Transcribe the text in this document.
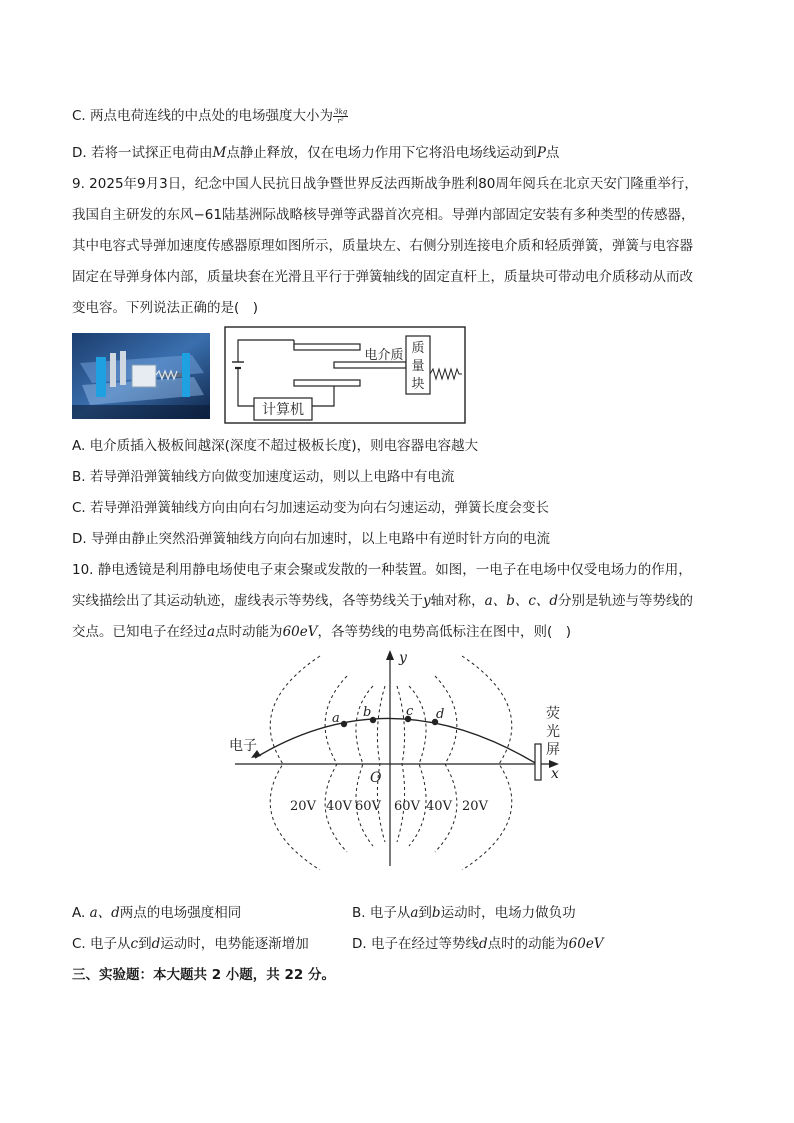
C. 两点电荷连线的中点处的电场强度大小为 $\frac{3kq}{\text{r²}}$
D. 若将一试探正电荷由M点静止释放，仅在电场力作用下它将沿电场线运动到P点
9. 2025年9月3日，纪念中国人民抗日战争暨世界反法西斯战争胜利80周年阅兵在北京天安门隆重举行，
我国自主研发的东风−61陆基洲际战略核导弹等武器首次亮相。导弹内部固定安装有多种类型的传感器，
其中电容式导弹加速度传感器原理如图所示，质量块左、右侧分别连接电介质和轻质弹簧，弹簧与电容器
固定在导弹身体内部，质量块套在光滑且平行于弹簧轴线的固定直杆上，质量块可带动电介质移动从而改
变电容。下列说法正确的是(　)
计算机
电介质 质
量
块
A. 电介质插入极板间越深(深度不超过极板长度)，则电容器电容越大
B. 若导弹沿弹簧轴线方向做变加速度运动，则以上电路中有电流
C. 若导弹沿弹簧轴线方向由向右匀加速运动变为向右匀速运动，弹簧长度会变长
D. 导弹由静止突然沿弹簧轴线方向向右加速时，以上电路中有逆时针方向的电流
10. 静电透镜是利用静电场使电子束会聚或发散的一种装置。如图，一电子在电场中仅受电场力的作用，
实线描绘出了其运动轨迹，虚线表示等势线，各等势线关于y轴对称，a、b、c、d分别是轨迹与等势线的
交点。已知电子在经过a点时动能为60eV，各等势线的电势高低标注在图中，则(　)
y
x
O
电子
a b	c d	荧
光
屏
20V 40V 60V 60V 40V 20V
A. a、d两点的电场强度相同	B. 电子从a到b运动时，电场力做负功
C. 电子从c到d运动时，电势能逐渐增加	D. 电子在经过等势线d点时的动能为60eV
三、实验题：本大题共 2 小题，共 22 分。
